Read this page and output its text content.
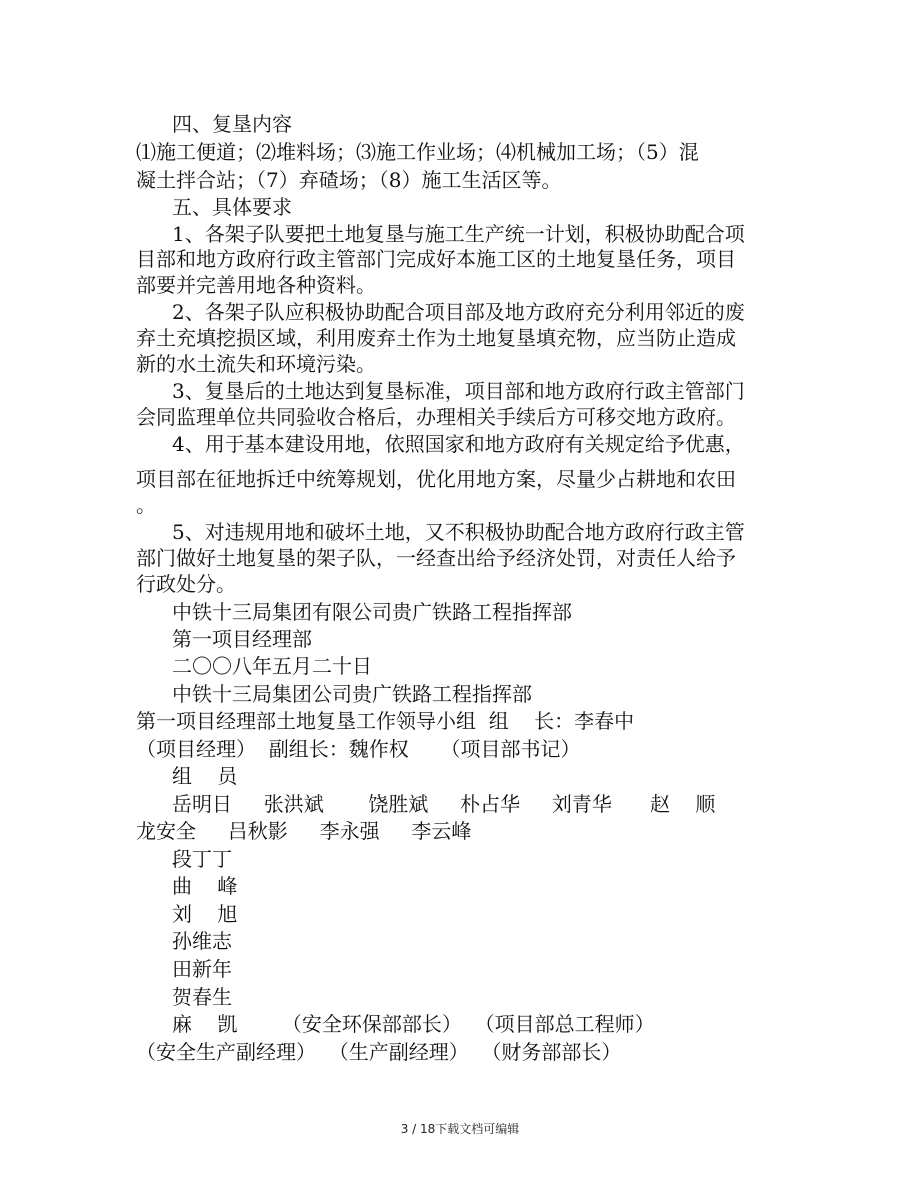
四、复垦内容
⑴施工便道；⑵堆料场；⑶施工作业场；⑷机械加工场；（5）混
凝土拌合站；（7）弃碴场；（8）施工生活区等。
五、具体要求
1、各架子队要把土地复垦与施工生产统一计划，积极协助配合项
目部和地方政府行政主管部门完成好本施工区的土地复垦任务，项目
部要并完善用地各种资料。
2、各架子队应积极协助配合项目部及地方政府充分利用邻近的废
弃土充填挖损区域，利用废弃土作为土地复垦填充物，应当防止造成
新的水土流失和环境污染。
3、复垦后的土地达到复垦标准，项目部和地方政府行政主管部门
会同监理单位共同验收合格后，办理相关手续后方可移交地方政府。
4、用于基本建设用地，依照国家和地方政府有关规定给予优惠，
项目部在征地拆迁中统筹规划，优化用地方案，尽量少占耕地和农田
。
5、对违规用地和破坏土地，又不积极协助配合地方政府行政主管
部门做好土地复垦的架子队，一经查出给予经济处罚，对责任人给予
行政处分。
中铁十三局集团有限公司贵广铁路工程指挥部
第一项目经理部
二〇〇八年五月二十日
中铁十三局集团公司贵广铁路工程指挥部
第一项目经理部土地复垦工作领导小组  组    长：李春中
（项目经理）  副组长：魏作权     （项目部书记）
组    员
岳明日     张洪斌       饶胜斌     朴占华     刘青华      赵    顺
龙安全     吕秋影     李永强     李云峰
段丁丁
曲    峰
刘    旭
孙维志
田新年
贺春生
麻    凯       （安全环保部部长）  （项目部总工程师）
（安全生产副经理）  （生产副经理）  （财务部部长）
3 / 18下载文档可编辑
